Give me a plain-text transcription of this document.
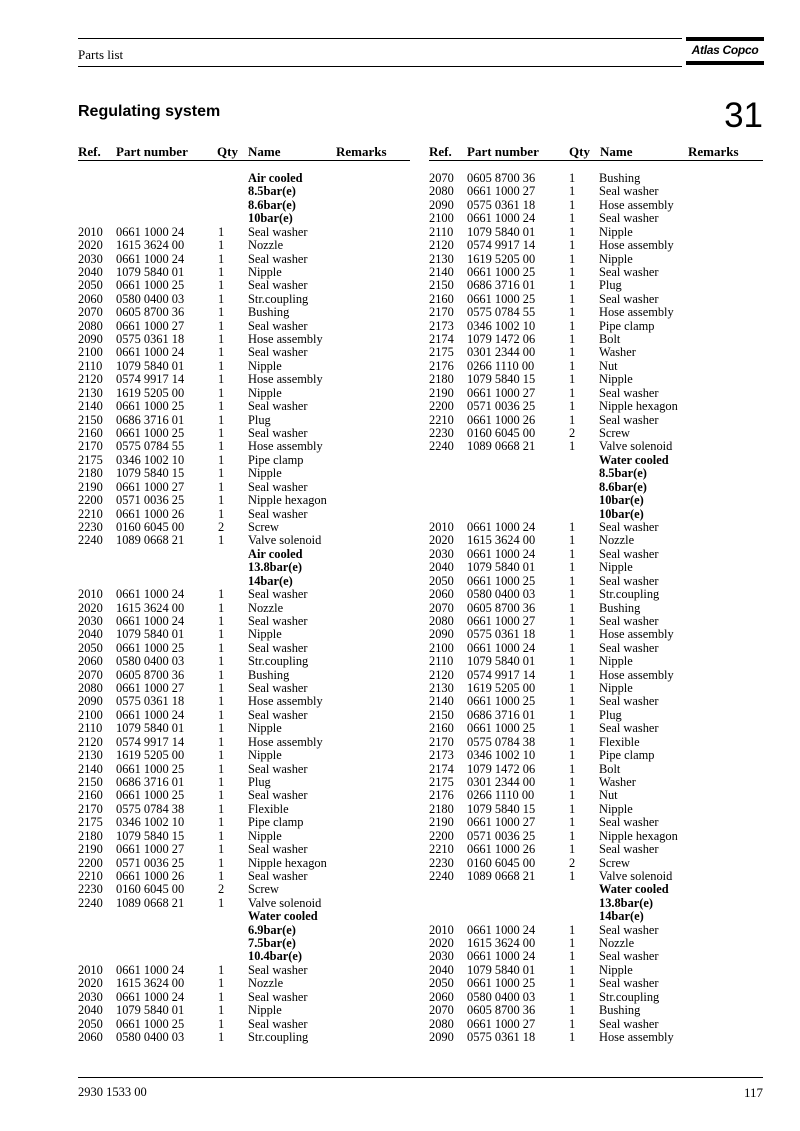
Parts list	Atlas Copco
Regulating system	31
Ref. Part number Qty Name	Remarks
Air cooled
8.5bar(e)
8.6bar(e)
10bar(e)
2010 0661 1000 24	1 Seal washer
2020 1615 3624 00	1 Nozzle
2030 0661 1000 24	1 Seal washer
2040 1079 5840 01	1 Nipple
2050 0661 1000 25	1 Seal washer
2060 0580 0400 03	1 Str.coupling
2070 0605 8700 36	1 Bushing
2080 0661 1000 27	1 Seal washer
2090 0575 0361 18	1 Hose assembly
2100 0661 1000 24	1 Seal washer
2110 1079 5840 01	1 Nipple
2120 0574 9917 14	1 Hose assembly
2130 1619 5205 00	1 Nipple
2140 0661 1000 25	1 Seal washer
2150 0686 3716 01	1 Plug
2160 0661 1000 25	1 Seal washer
2170 0575 0784 55	1 Hose assembly
2175 0346 1002 10	1 Pipe clamp
2180 1079 5840 15	1 Nipple
2190 0661 1000 27	1 Seal washer
2200 0571 0036 25	1 Nipple hexagon
2210 0661 1000 26	1 Seal washer
2230 0160 6045 00	2 Screw
2240 1089 0668 21	1 Valve solenoid
Air cooled
13.8bar(e)
14bar(e)
2010 0661 1000 24	1 Seal washer
2020 1615 3624 00	1 Nozzle
2030 0661 1000 24	1 Seal washer
2040 1079 5840 01	1 Nipple
2050 0661 1000 25	1 Seal washer
2060 0580 0400 03	1 Str.coupling
2070 0605 8700 36	1 Bushing
2080 0661 1000 27	1 Seal washer
2090 0575 0361 18	1 Hose assembly
2100 0661 1000 24	1 Seal washer
2110 1079 5840 01	1 Nipple
2120 0574 9917 14	1 Hose assembly
2130 1619 5205 00	1 Nipple
2140 0661 1000 25	1 Seal washer
2150 0686 3716 01	1 Plug
2160 0661 1000 25	1 Seal washer
2170 0575 0784 38	1 Flexible
2175 0346 1002 10	1 Pipe clamp
2180 1079 5840 15	1 Nipple
2190 0661 1000 27	1 Seal washer
2200 0571 0036 25	1 Nipple hexagon
2210 0661 1000 26	1 Seal washer
2230 0160 6045 00	2 Screw
2240 1089 0668 21	1 Valve solenoid
Water cooled
6.9bar(e)
7.5bar(e)
10.4bar(e)
2010 0661 1000 24	1 Seal washer
2020 1615 3624 00	1 Nozzle
2030 0661 1000 24	1 Seal washer
2040 1079 5840 01	1 Nipple
2050 0661 1000 25	1 Seal washer
2060 0580 0400 03	1 Str.coupling
Ref. Part number Qty Name	Remarks
2070 0605 8700 36	1 Bushing
2080 0661 1000 27	1 Seal washer
2090 0575 0361 18	1 Hose assembly
2100 0661 1000 24	1 Seal washer
2110 1079 5840 01	1 Nipple
2120 0574 9917 14	1 Hose assembly
2130 1619 5205 00	1 Nipple
2140 0661 1000 25	1 Seal washer
2150 0686 3716 01	1 Plug
2160 0661 1000 25	1 Seal washer
2170 0575 0784 55	1 Hose assembly
2173 0346 1002 10	1 Pipe clamp
2174 1079 1472 06	1 Bolt
2175 0301 2344 00	1 Washer
2176 0266 1110 00	1 Nut
2180 1079 5840 15	1 Nipple
2190 0661 1000 27	1 Seal washer
2200 0571 0036 25	1 Nipple hexagon
2210 0661 1000 26	1 Seal washer
2230 0160 6045 00	2 Screw
2240 1089 0668 21	1 Valve solenoid
Water cooled
8.5bar(e)
8.6bar(e)
10bar(e)
10bar(e)
2010 0661 1000 24	1 Seal washer
2020 1615 3624 00	1 Nozzle
2030 0661 1000 24	1 Seal washer
2040 1079 5840 01	1 Nipple
2050 0661 1000 25	1 Seal washer
2060 0580 0400 03	1 Str.coupling
2070 0605 8700 36	1 Bushing
2080 0661 1000 27	1 Seal washer
2090 0575 0361 18	1 Hose assembly
2100 0661 1000 24	1 Seal washer
2110 1079 5840 01	1 Nipple
2120 0574 9917 14	1 Hose assembly
2130 1619 5205 00	1 Nipple
2140 0661 1000 25	1 Seal washer
2150 0686 3716 01	1 Plug
2160 0661 1000 25	1 Seal washer
2170 0575 0784 38	1 Flexible
2173 0346 1002 10	1 Pipe clamp
2174 1079 1472 06	1 Bolt
2175 0301 2344 00	1 Washer
2176 0266 1110 00	1 Nut
2180 1079 5840 15	1 Nipple
2190 0661 1000 27	1 Seal washer
2200 0571 0036 25	1 Nipple hexagon
2210 0661 1000 26	1 Seal washer
2230 0160 6045 00	2 Screw
2240 1089 0668 21	1 Valve solenoid
Water cooled
13.8bar(e)
14bar(e)
2010 0661 1000 24	1 Seal washer
2020 1615 3624 00	1 Nozzle
2030 0661 1000 24	1 Seal washer
2040 1079 5840 01	1 Nipple
2050 0661 1000 25	1 Seal washer
2060 0580 0400 03	1 Str.coupling
2070 0605 8700 36	1 Bushing
2080 0661 1000 27	1 Seal washer
2090 0575 0361 18	1 Hose assembly
2930 1533 00	117
